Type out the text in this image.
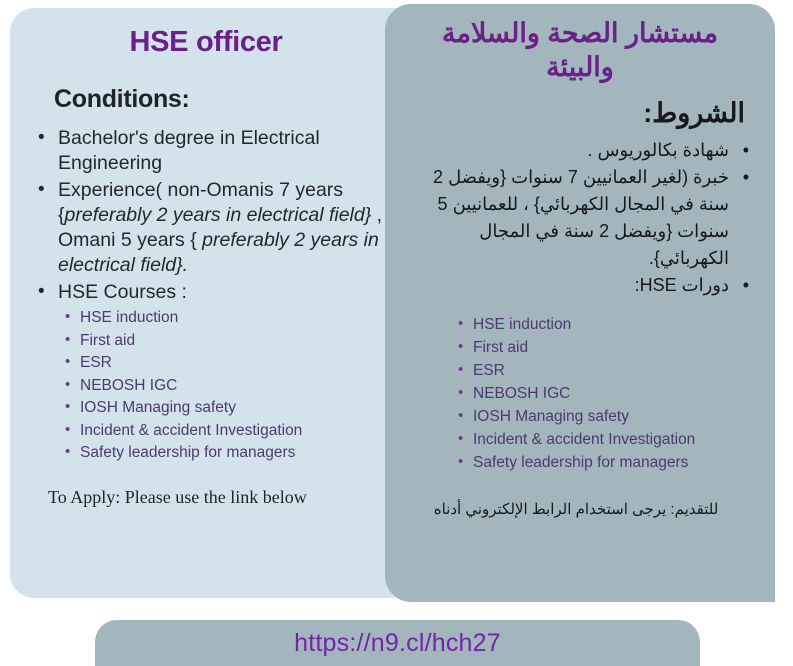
HSE officer
Conditions:
• Bachelor's degree in Electrical Engineering
• Experience( non-Omanis 7 years {preferably 2 years in electrical field} , Omani 5 years { preferably 2 years in electrical field}.
• HSE Courses :
• HSE induction
• First aid
• ESR
• NEBOSH IGC
• IOSH Managing safety
• Incident & accident Investigation
• Safety leadership for managers
To Apply: Please use the link below
مستشار الصحة والسلامة والبيئة
الشروط:
• شهادة بكالوريوس .
• خبرة (لغير العمانيين 7 سنوات {ويفضل 2 سنة في المجال الكهربائي} ، للعمانيين 5 سنوات {ويفضل 2 سنة في المجال الكهربائي}.
• دورات HSE:
• HSE induction
• First aid
• ESR
• NEBOSH IGC
• IOSH Managing safety
• Incident & accident Investigation
• Safety leadership for managers
للتقديم: يرجى استخدام الرابط الإلكتروني أدناه
https://n9.cl/hch27
